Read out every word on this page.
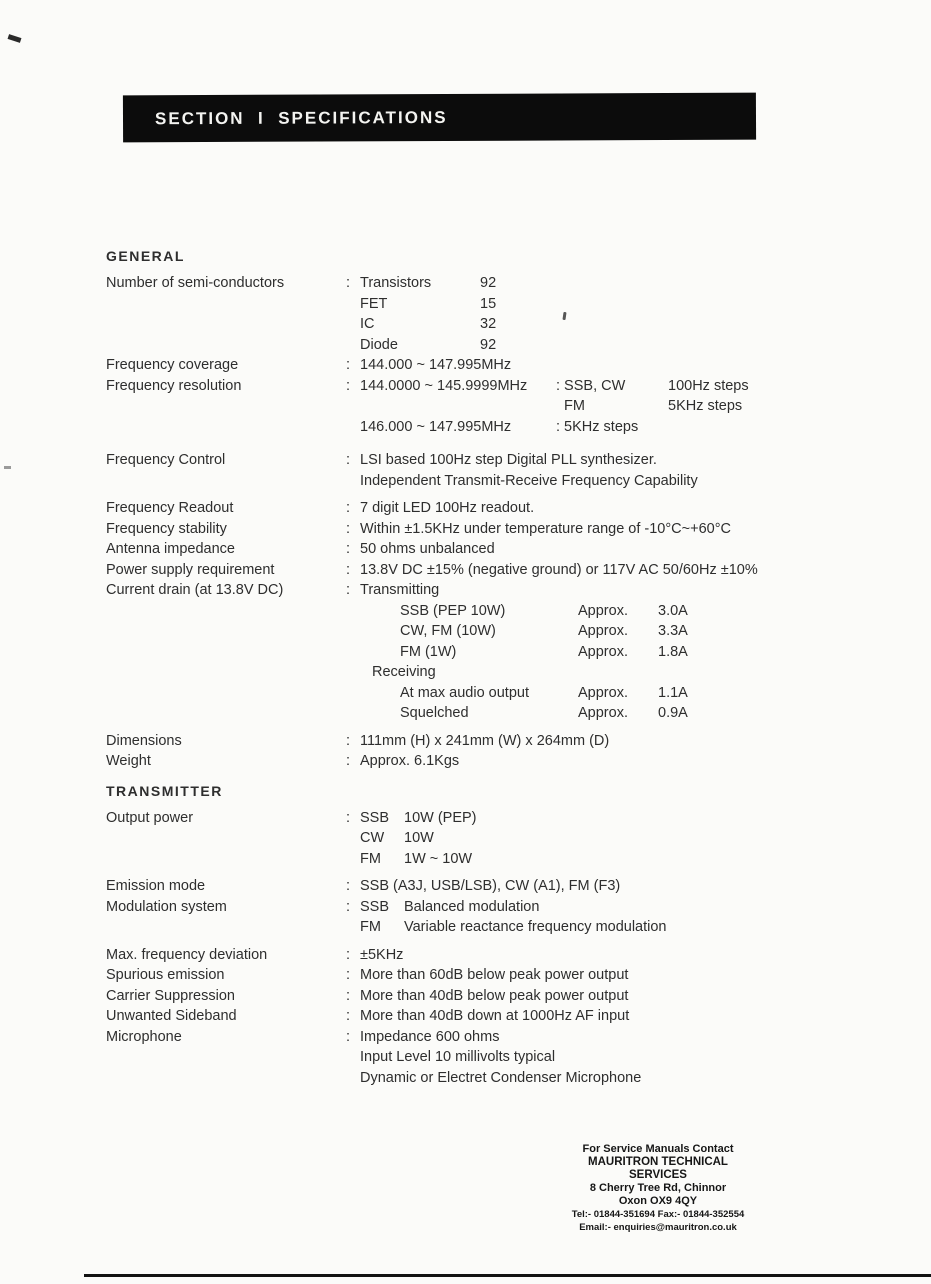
SECTION  I  SPECIFICATIONS
GENERAL
Number of semi-conductors	: Transistors	92
FET	15
IC	32
Diode	92
Frequency coverage	: 144.000 ~ 147.995MHz
Frequency resolution	: 144.0000 ~ 145.9999MHz	: SSB, CW	100Hz steps
FM	5KHz steps
146.000 ~ 147.995MHz	: 5KHz steps
Frequency Control	: LSI based 100Hz step Digital PLL synthesizer.
Independent Transmit-Receive Frequency Capability
Frequency Readout	: 7 digit LED 100Hz readout.
Frequency stability	: Within ±1.5KHz under temperature range of -10°C~+60°C
Antenna impedance	: 50 ohms unbalanced
Power supply requirement	: 13.8V DC ±15% (negative ground) or 117V AC 50/60Hz ±10%
Current drain (at 13.8V DC)	: Transmitting
SSB (PEP 10W)	Approx.	3.0A
CW, FM (10W)	Approx.	3.3A
FM (1W)	Approx.	1.8A
Receiving
At max audio output	Approx.	1.1A
Squelched	Approx.	0.9A
Dimensions	: 111mm (H) x 241mm (W) x 264mm (D)
Weight	: Approx. 6.1Kgs
TRANSMITTER
Output power	: SSB	10W (PEP)
CW	10W
FM	1W ~ 10W
Emission mode	: SSB (A3J, USB/LSB), CW (A1), FM (F3)
Modulation system	: SSB	Balanced modulation
FM	Variable reactance frequency modulation
Max. frequency deviation	: ±5KHz
Spurious emission	: More than 60dB below peak power output
Carrier Suppression	: More than 40dB below peak power output
Unwanted Sideband	: More than 40dB down at 1000Hz AF input
Microphone	: Impedance 600 ohms
Input Level 10 millivolts typical
Dynamic or Electret Condenser Microphone
For Service Manuals Contact
MAURITRON TECHNICAL SERVICES
8 Cherry Tree Rd, Chinnor
Oxon OX9 4QY
Tel:- 01844-351694 Fax:- 01844-352554
Email:- enquiries@mauritron.co.uk
